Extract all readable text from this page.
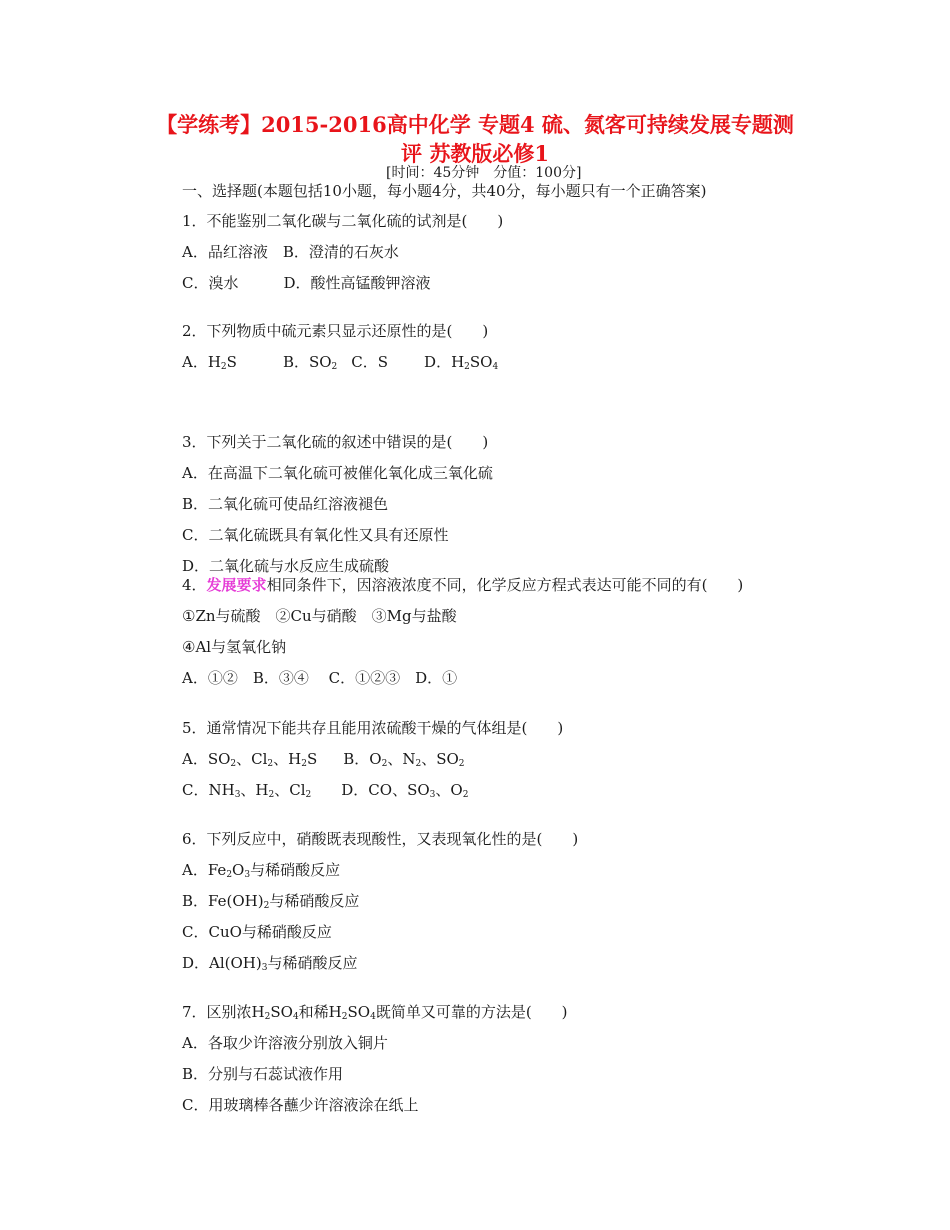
【学练考】2015-2016高中化学 专题4 硫、氮客可持续发展专题测
评 苏教版必修1
[时间：45分钟　分值：100分]
一、选择题(本题包括10小题，每小题4分，共40分，每小题只有一个正确答案)
1．不能鉴别二氧化碳与二氧化硫的试剂是(　　)
A．品红溶液　B．澄清的石灰水
C．溴水　　　D．酸性高锰酸钾溶液
2．下列物质中硫元素只显示还原性的是(　　)
A．$H_2S$	B．$SO_2$ C．S D．$H_2SO_4$
3．下列关于二氧化硫的叙述中错误的是(　　)
A．在高温下二氧化硫可被催化氧化成三氧化硫
B．二氧化硫可使品红溶液褪色
C．二氧化硫既具有氧化性又具有还原性
D．二氧化硫与水反应生成硫酸
4．发展要求相同条件下，因溶液浓度不同，化学反应方程式表达可能不同的有(　　)
①Zn与硫酸　②Cu与硝酸　③Mg与盐酸
④Al与氢氧化钠
A．①②　B．③④　 C．①②③　D．①
5．通常情况下能共存且能用浓硫酸干燥的气体组是(　　)
A．$SO_2$、$Cl_2$、$H_2S$ B．$O_2$、$N_2$、$SO_2$
C．$NH_3$、$H_2$、$Cl_2$ D．CO、$SO_3$、$O_2$
6．下列反应中，硝酸既表现酸性，又表现氧化性的是(　　)
A．$Fe_2O_3$与稀硝酸反应
B．$Fe(OH)_2$与稀硝酸反应
C．CuO与稀硝酸反应
D．$Al(OH)_3$与稀硝酸反应
7．区别浓$H_2SO_4$和稀$H_2SO_4$既简单又可靠的方法是(　　)
A．各取少许溶液分别放入铜片
B．分别与石蕊试液作用
C．用玻璃棒各蘸少许溶液涂在纸上
